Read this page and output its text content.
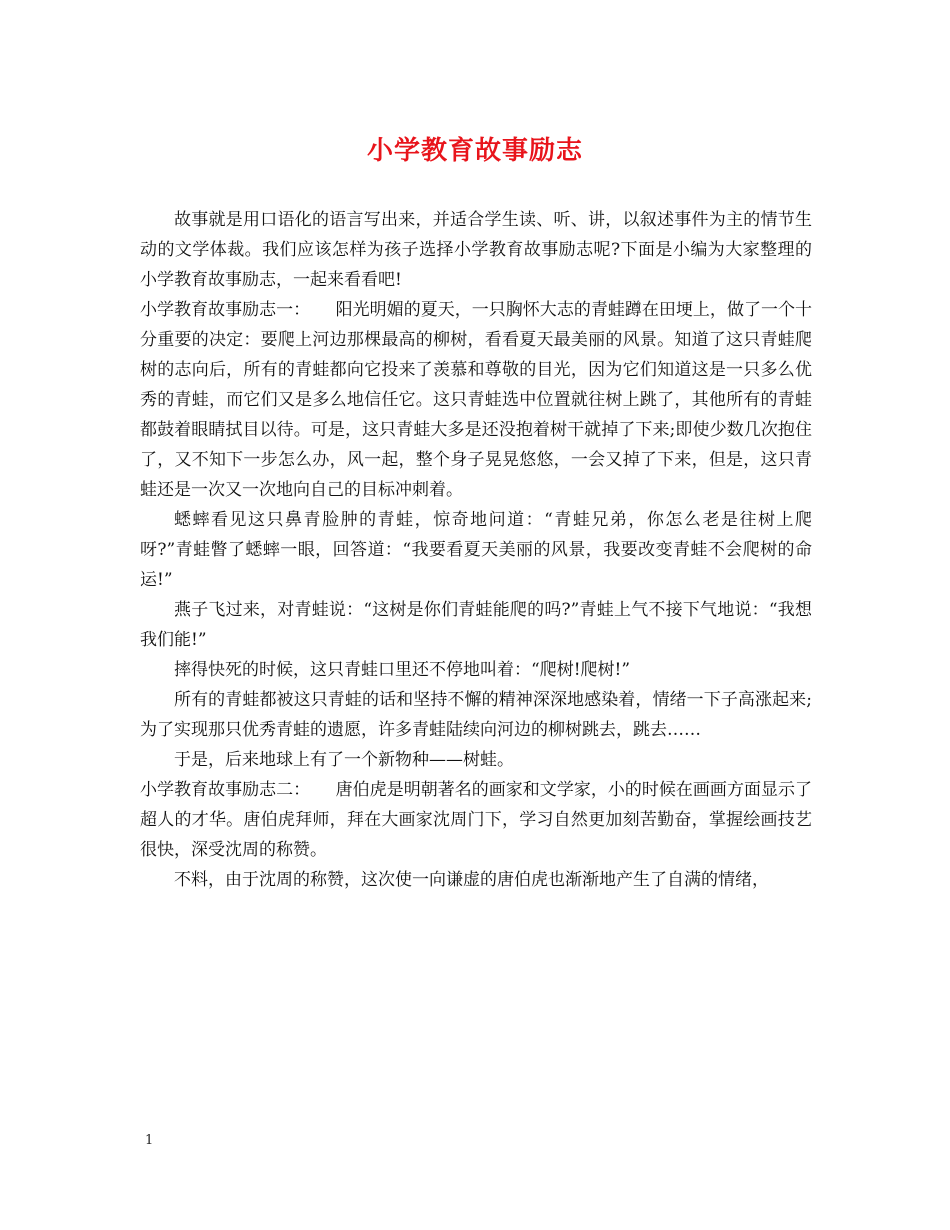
小学教育故事励志

故事就是用口语化的语言写出来，并适合学生读、听、讲，以叙述事件为主的情节生 动的文学体裁。我们应该怎样为孩子选择小学教育故事励志呢?下面是小编为大家整理的小学教育故事励志，一起来看看吧!

小学教育故事励志一：　　阳光明媚的夏天，一只胸怀大志的青蛙蹲在田埂上，做了一个十分重要的决定：要爬上河边那棵最高的柳树，看看夏天最美丽的风景。知道了这只青蛙爬树的志向后，所有的青蛙都向它投来了羡慕和尊敬的目光，因为它们知道这是一只多么优秀的青蛙，而它们又是多么地信任它。这只青蛙选中位置就往树上跳了，其他所有的青蛙都鼓着眼睛拭目以待。可是，这只青蛙大多是还没抱着树干就掉了下来;即使少数几次抱住了，又不知下一步怎么办，风一起，整个身子晃晃悠悠，一会又掉了下来，但是，这只青蛙还是一次又一次地向自己的目标冲刺着。

蟋蟀看见这只鼻青脸肿的青蛙，惊奇地问道：“青蛙兄弟，你怎么老是往树上爬呀?”青蛙瞥了蟋蟀一眼，回答道：“我要看夏天美丽的风景，我要改变青蛙不会爬树的命运!”

燕子飞过来，对青蛙说：“这树是你们青蛙能爬的吗?”青蛙上气不接下气地说：“我想我们能!”

摔得快死的时候，这只青蛙口里还不停地叫着：“爬树!爬树!”

所有的青蛙都被这只青蛙的话和坚持不懈的精神深深地感染着，情绪一下子高涨起来;为了实现那只优秀青蛙的遗愿，许多青蛙陆续向河边的柳树跳去，跳去……

于是，后来地球上有了一个新物种——树蛙。

小学教育故事励志二：　　唐伯虎是明朝著名的画家和文学家，小的时候在画画方面显示了超人的才华。唐伯虎拜师，拜在大画家沈周门下，学习自然更加刻苦勤奋，掌握绘画技艺很快，深受沈周的称赞。

不料，由于沈周的称赞，这次使一向谦虚的唐伯虎也渐渐地产生了自满的情绪，

1
